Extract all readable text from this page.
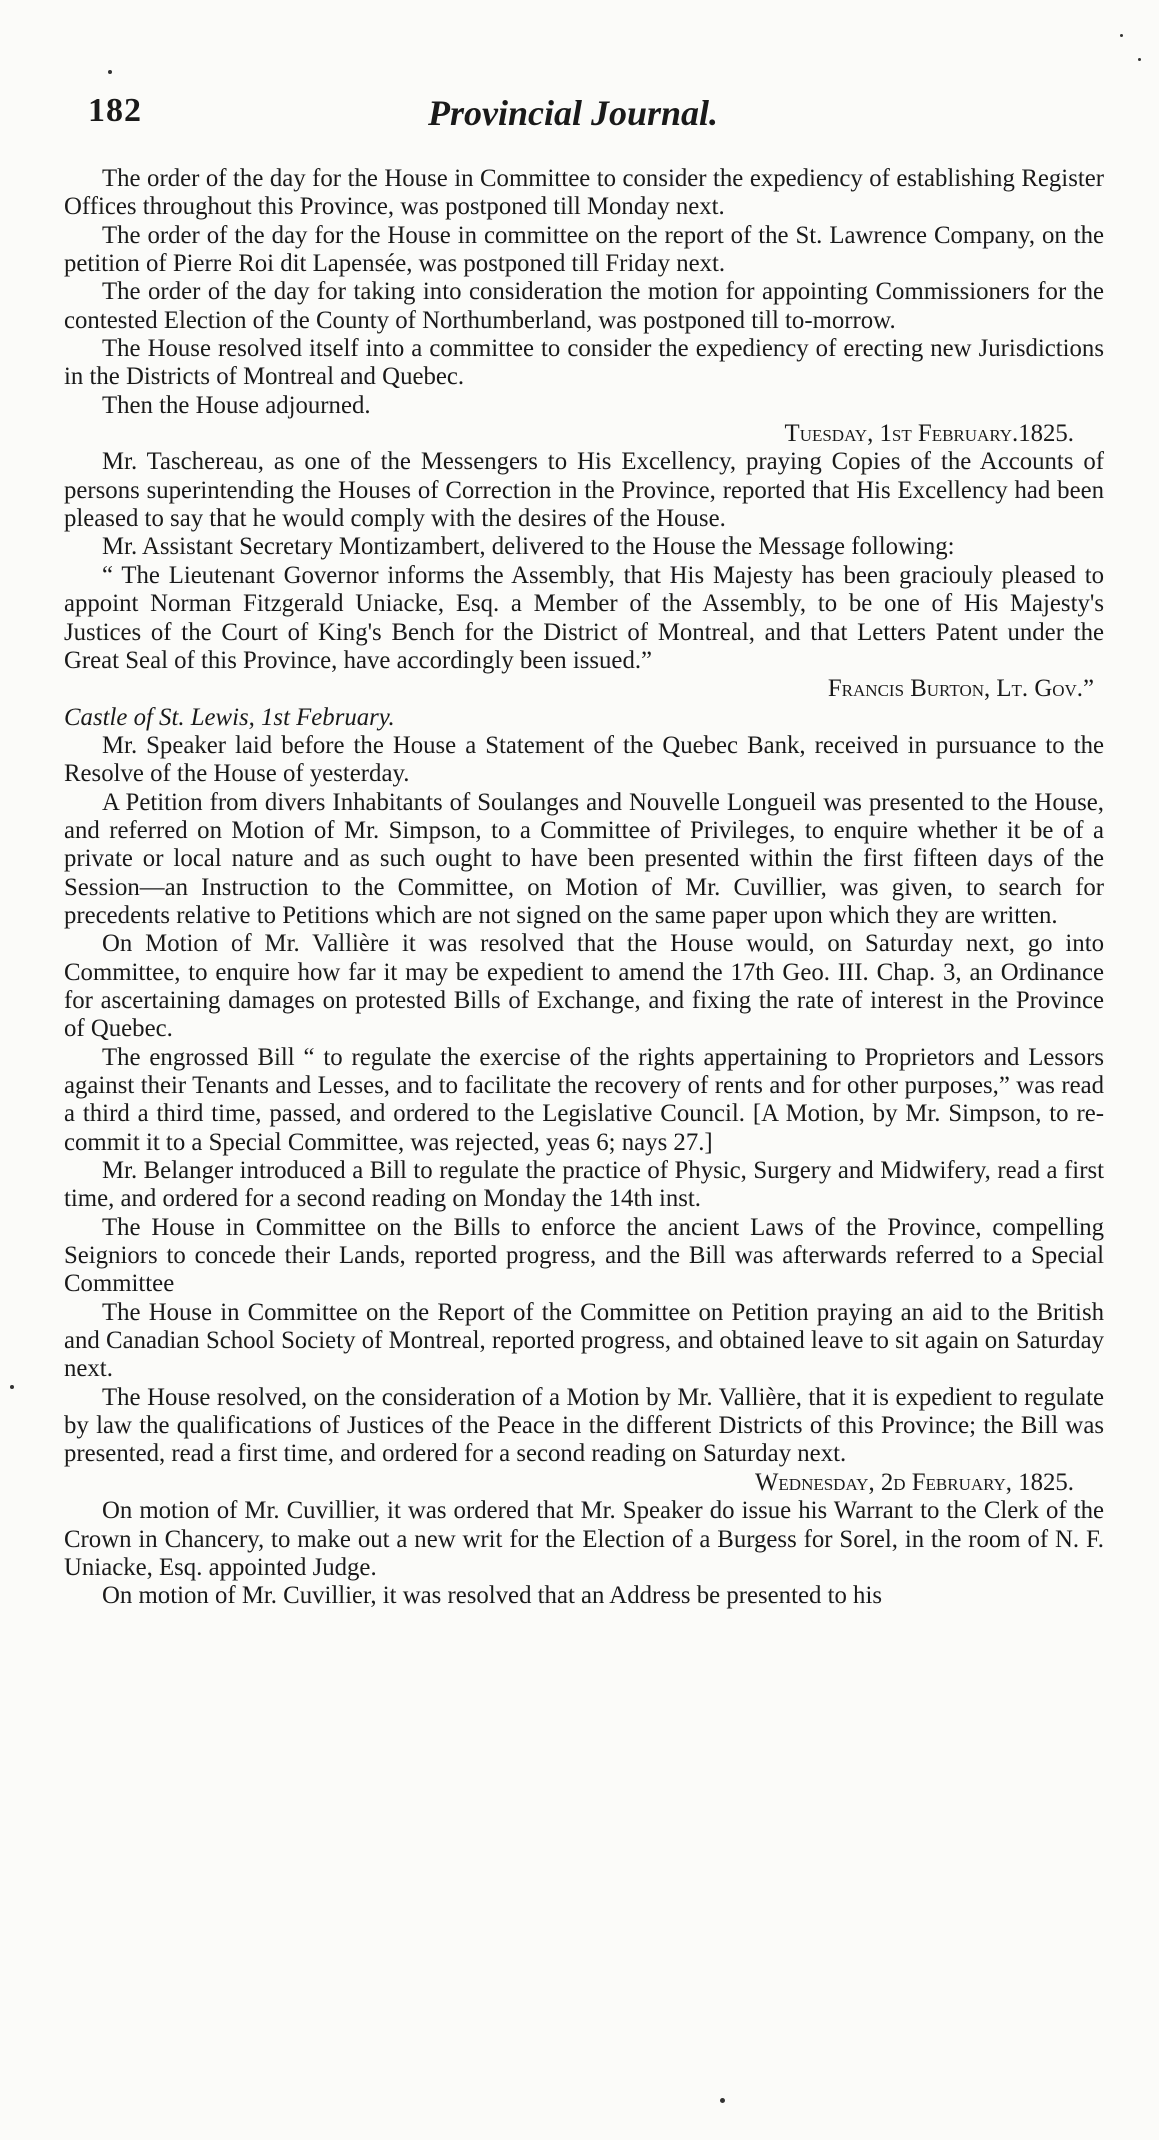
182	Provincial Journal.

The order of the day for the House in Committee to consider the expediency of establishing Register Offices throughout this Province, was postponed till Monday next.

The order of the day for the House in committee on the report of the St. Lawrence Company, on the petition of Pierre Roi dit Lapensée, was postponed till Friday next.

The order of the day for taking into consideration the motion for appointing Commissioners for the contested Election of the County of Northumberland, was postponed till to-morrow.

The House resolved itself into a committee to consider the expediency of erecting new Jurisdictions in the Districts of Montreal and Quebec.

Then the House adjourned.

Tuesday, 1st February.1825.

Mr. Taschereau, as one of the Messengers to His Excellency, praying Copies of the Accounts of persons superintending the Houses of Correction in the Province, reported that His Excellency had been pleased to say that he would comply with the desires of the House.

Mr. Assistant Secretary Montizambert, delivered to the House the Message following:

“ The Lieutenant Governor informs the Assembly, that His Majesty has been graciouly pleased to appoint Norman Fitzgerald Uniacke, Esq. a Member of the Assembly, to be one of His Majesty's Justices of the Court of King's Bench for the District of Montreal, and that Letters Patent under the Great Seal of this Province, have accordingly been issued.”

Francis Burton, Lt. Gov.”

Castle of St. Lewis, 1st February.

Mr. Speaker laid before the House a Statement of the Quebec Bank, received in pursuance to the Resolve of the House of yesterday.

A Petition from divers Inhabitants of Soulanges and Nouvelle Longueil was presented to the House, and referred on Motion of Mr. Simpson, to a Committee of Privileges, to enquire whether it be of a private or local nature and as such ought to have been presented within the first fifteen days of the Session—an Instruction to the Committee, on Motion of Mr. Cuvillier, was given, to search for precedents relative to Petitions which are not signed on the same paper upon which they are written.

On Motion of Mr. Vallière it was resolved that the House would, on Saturday next, go into Committee, to enquire how far it may be expedient to amend the 17th Geo. III. Chap. 3, an Ordinance for ascertaining damages on protested Bills of Exchange, and fixing the rate of interest in the Province of Quebec.

The engrossed Bill “ to regulate the exercise of the rights appertaining to Proprietors and Lessors against their Tenants and Lesses, and to facilitate the recovery of rents and for other purposes,” was read a third a third time, passed, and ordered to the Legislative Council. [A Motion, by Mr. Simpson, to re-commit it to a Special Committee, was rejected, yeas 6; nays 27.]

Mr. Belanger introduced a Bill to regulate the practice of Physic, Surgery and Midwifery, read a first time, and ordered for a second reading on Monday the 14th inst.

The House in Committee on the Bills to enforce the ancient Laws of the Province, compelling Seigniors to concede their Lands, reported progress, and the Bill was afterwards referred to a Special Committee

The House in Committee on the Report of the Committee on Petition praying an aid to the British and Canadian School Society of Montreal, reported progress, and obtained leave to sit again on Saturday next.

The House resolved, on the consideration of a Motion by Mr. Vallière, that it is expedient to regulate by law the qualifications of Justices of the Peace in the different Districts of this Province; the Bill was presented, read a first time, and ordered for a second reading on Saturday next.

Wednesday, 2d February, 1825.

On motion of Mr. Cuvillier, it was ordered that Mr. Speaker do issue his Warrant to the Clerk of the Crown in Chancery, to make out a new writ for the Election of a Burgess for Sorel, in the room of N. F. Uniacke, Esq. appointed Judge.

On motion of Mr. Cuvillier, it was resolved that an Address be presented to his
